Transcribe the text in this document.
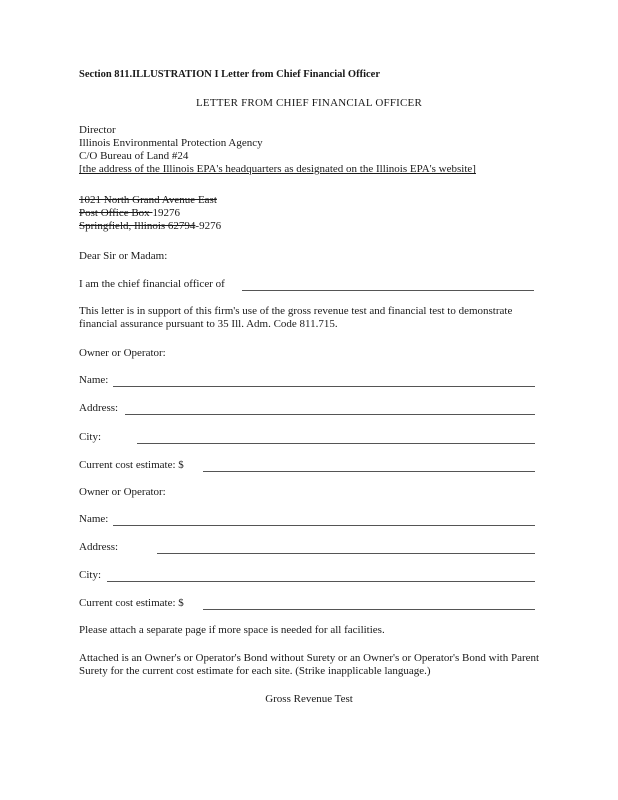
Section 811.ILLUSTRATION I Letter from Chief Financial Officer
LETTER FROM CHIEF FINANCIAL OFFICER
Director
Illinois Environmental Protection Agency
C/O Bureau of Land #24
[the address of the Illinois EPA's headquarters as designated on the Illinois EPA's website]
1021 North Grand Avenue East
Post Office Box 19276
Springfield, Illinois 62794-9276
Dear Sir or Madam:
I am the chief financial officer of
This letter is in support of this firm's use of the gross revenue test and financial test to demonstrate financial assurance pursuant to 35 Ill. Adm. Code 811.715.
Owner or Operator:
Name:
Address:
City:
Current cost estimate: $
Owner or Operator:
Name:
Address:
City:
Current cost estimate: $
Please attach a separate page if more space is needed for all facilities.
Attached is an Owner's or Operator's Bond without Surety or an Owner's or Operator's Bond with Parent Surety for the current cost estimate for each site. (Strike inapplicable language.)
Gross Revenue Test
